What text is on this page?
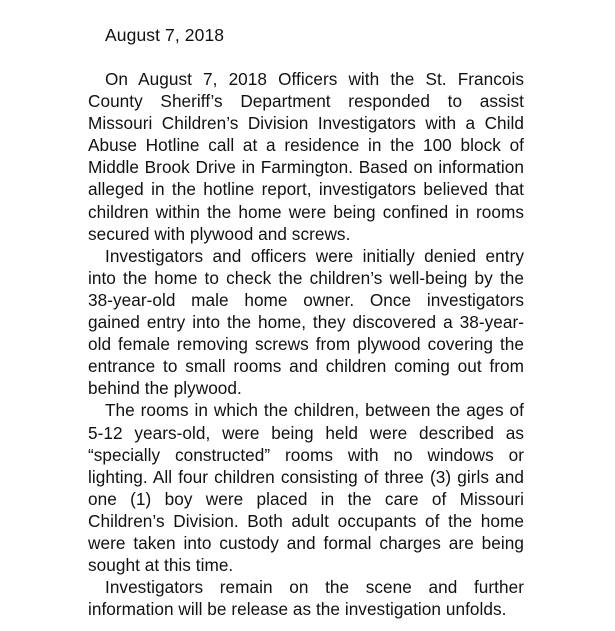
August 7, 2018

On August 7, 2018 Officers with the St. Francois County Sheriff’s Department responded to assist Missouri Children’s Division Investigators with a Child Abuse Hotline call at a residence in the 100 block of Middle Brook Drive in Farmington. Based on information alleged in the hotline report, investigators believed that children within the home were being confined in rooms secured with plywood and screws.

Investigators and officers were initially denied entry into the home to check the children’s well-being by the 38-year-old male home owner. Once investigators gained entry into the home, they discovered a 38-year-old female removing screws from plywood covering the entrance to small rooms and children coming out from behind the plywood.

The rooms in which the children, between the ages of 5-12 years-old, were being held were described as “specially constructed” rooms with no windows or lighting. All four children consisting of three (3) girls and one (1) boy were placed in the care of Missouri Children’s Division. Both adult occupants of the home were taken into custody and formal charges are being sought at this time.

Investigators remain on the scene and further information will be release as the investigation unfolds.
